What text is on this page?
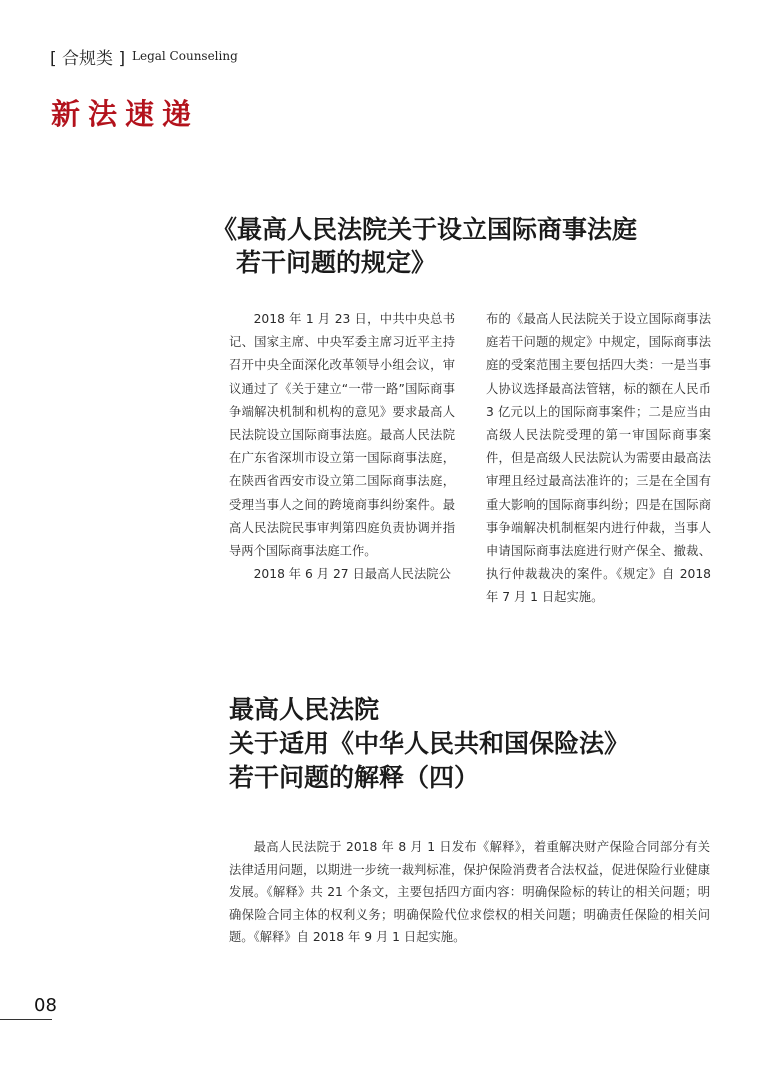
[ 合规类 ] Legal Counseling
新法速递
《最高人民法院关于设立国际商事法庭
若干问题的规定》

2018 年 1 月 23 日，中共中央总书记、国家主席、中央军委主席习近平主持召开中央全面深化改革领导小组会议，审议通过了《关于建立“一带一路”国际商事争端解决机制和机构的意见》要求最高人民法院设立国际商事法庭。最高人民法院在广东省深圳市设立第一国际商事法庭，在陕西省西安市设立第二国际商事法庭，受理当事人之间的跨境商事纠纷案件。最高人民法院民事审判第四庭负责协调并指导两个国际商事法庭工作。

2018 年 6 月 27 日最高人民法院公

布的《最高人民法院关于设立国际商事法庭若干问题的规定》中规定，国际商事法庭的受案范围主要包括四大类：一是当事人协议选择最高法管辖，标的额在人民币 3 亿元以上的国际商事案件；二是应当由高级人民法院受理的第一审国际商事案件，但是高级人民法院认为需要由最高法审理且经过最高法准许的；三是在全国有重大影响的国际商事纠纷；四是在国际商事争端解决机制框架内进行仲裁，当事人申请国际商事法庭进行财产保全、撤裁、执行仲裁裁决的案件。《规定》自 2018 年 7 月 1 日起实施。

最高人民法院
关于适用《中华人民共和国保险法》
若干问题的解释（四）

最高人民法院于 2018 年 8 月 1 日发布《解释》，着重解决财产保险合同部分有关法律适用问题，以期进一步统一裁判标准，保护保险消费者合法权益，促进保险行业健康发展。《解释》共 21 个条文，主要包括四方面内容：明确保险标的转让的相关问题；明确保险合同主体的权利义务；明确保险代位求偿权的相关问题；明确责任保险的相关问题。《解释》自 2018 年 9 月 1 日起实施。

08
